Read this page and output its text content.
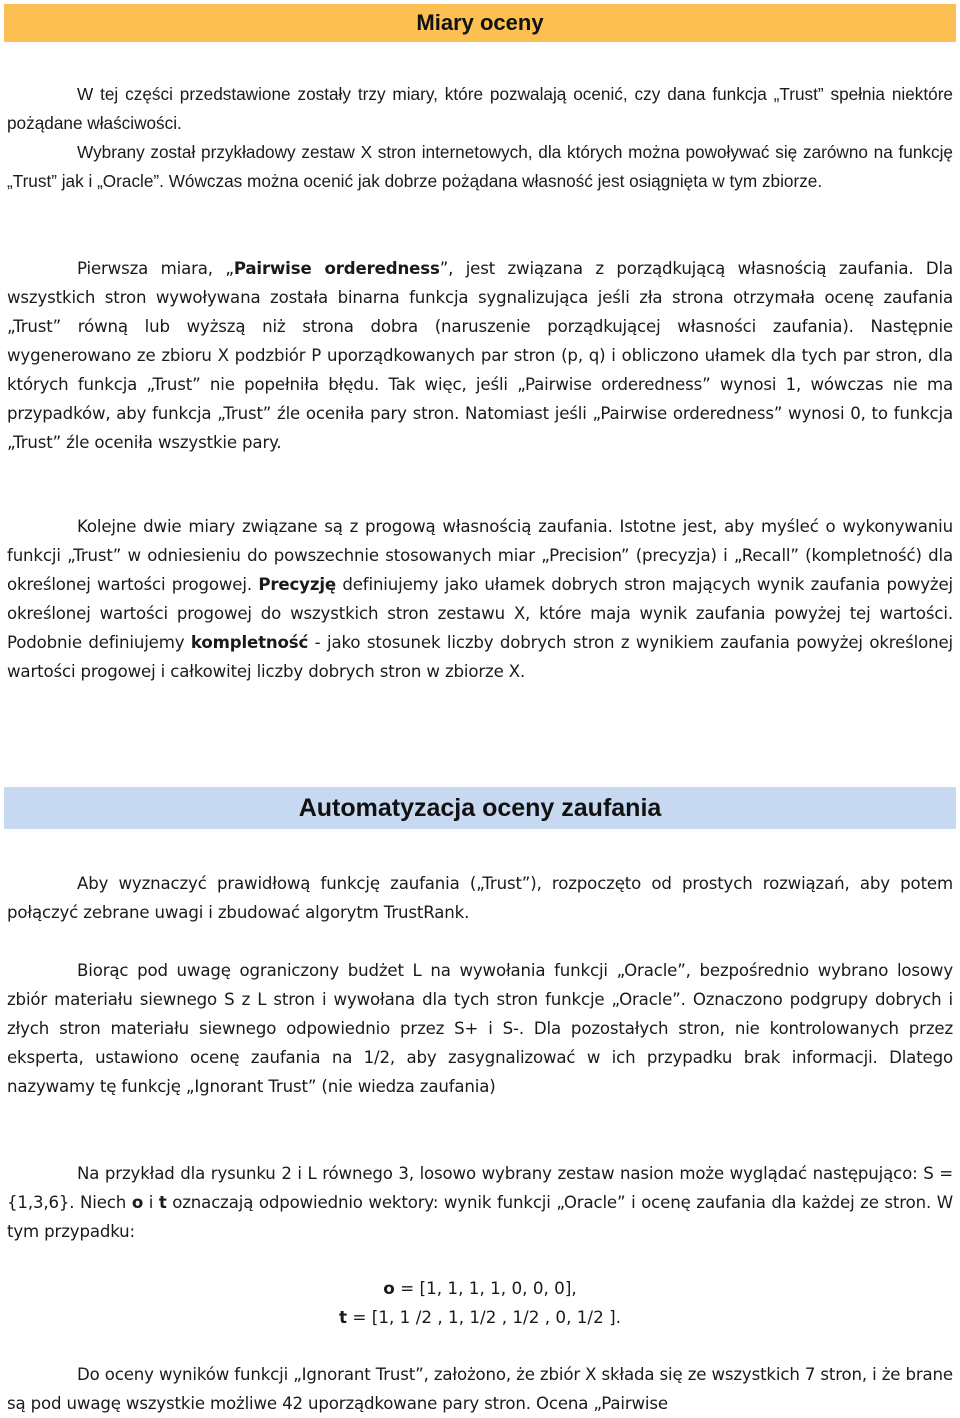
Miary oceny

W tej części przedstawione zostały trzy miary, które pozwalają ocenić, czy dana funkcja „Trust” spełnia niektóre pożądane właściwości.

Wybrany został przykładowy zestaw X stron internetowych, dla których można powoływać się zarówno na funkcję „Trust” jak i „Oracle”. Wówczas można ocenić jak dobrze pożądana własność jest osiągnięta w tym zbiorze.

Pierwsza miara, „Pairwise orderedness”, jest związana z porządkującą własnością zaufania. Dla wszystkich stron wywoływana została binarna funkcja sygnalizująca jeśli zła strona otrzymała ocenę zaufania „Trust” równą lub wyższą niż strona dobra (naruszenie porządkującej własności zaufania). Następnie wygenerowano ze zbioru X podzbiór P uporządkowanych par stron (p, q) i obliczono ułamek dla tych par stron, dla których funkcja „Trust” nie popełniła błędu. Tak więc, jeśli „Pairwise orderedness” wynosi 1, wówczas nie ma przypadków, aby funkcja „Trust” źle oceniła pary stron. Natomiast jeśli „Pairwise orderedness” wynosi 0, to funkcja „Trust” źle oceniła wszystkie pary.

Kolejne dwie miary związane są z progową własnością zaufania. Istotne jest, aby myśleć o wykonywaniu funkcji „Trust” w odniesieniu do powszechnie stosowanych miar „Precision” (precyzja) i „Recall” (kompletność) dla określonej wartości progowej. Precyzję definiujemy jako ułamek dobrych stron mających wynik zaufania powyżej określonej wartości progowej do wszystkich stron zestawu X, które maja wynik zaufania powyżej tej wartości. Podobnie definiujemy kompletność - jako stosunek liczby dobrych stron z wynikiem zaufania powyżej określonej wartości progowej i całkowitej liczby dobrych stron w zbiorze X.

Automatyzacja oceny zaufania

Aby wyznaczyć prawidłową funkcję zaufania („Trust”), rozpoczęto od prostych rozwiązań, aby potem połączyć zebrane uwagi i zbudować algorytm TrustRank.

Biorąc pod uwagę ograniczony budżet L na wywołania funkcji „Oracle”, bezpośrednio wybrano losowy zbiór materiału siewnego S z L stron i wywołana dla tych stron funkcje „Oracle”. Oznaczono podgrupy dobrych i złych stron materiału siewnego odpowiednio przez S+ i S-. Dla pozostałych stron, nie kontrolowanych przez eksperta, ustawiono ocenę zaufania na 1/2, aby zasygnalizować w ich przypadku brak informacji. Dlatego nazywamy tę funkcję „Ignorant Trust” (nie wiedza zaufania)

Na przykład dla rysunku 2 i L równego 3, losowo wybrany zestaw nasion może wyglądać następująco: S = {1,3,6}. Niech o i t oznaczają odpowiednio wektory: wynik funkcji „Oracle” i ocenę zaufania dla każdej ze stron. W tym przypadku:

o = [1, 1, 1, 1, 0, 0, 0],

t = [1, 1 /2 , 1, 1/2 , 1/2 , 0, 1/2 ].

Do oceny wyników funkcji „Ignorant Trust”, założono, że zbiór X składa się ze wszystkich 7 stron, i że brane są pod uwagę wszystkie możliwe 42 uporządkowane pary stron. Ocena „Pairwise
